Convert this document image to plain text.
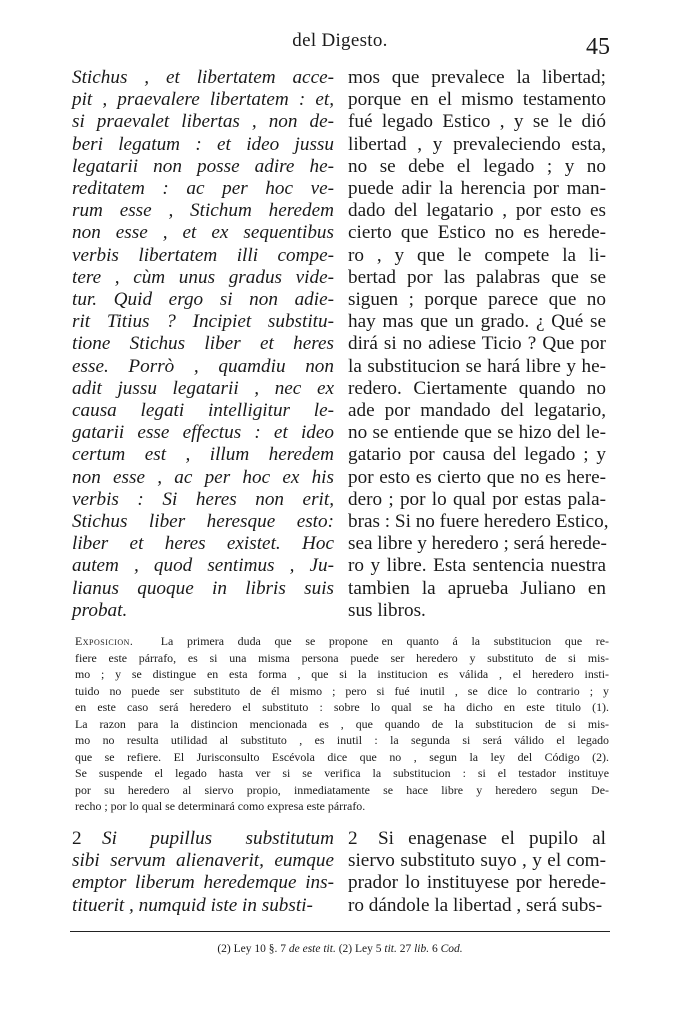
del Digesto.	45
Stichus , et libertatem acce-
pit , praevalere libertatem : et,
si praevalet libertas , non de-
beri legatum : et ideo jussu
legatarii non posse adire he-
reditatem : ac per hoc ve-
rum esse , Stichum heredem
non esse , et ex sequentibus
verbis libertatem illi compe-
tere , cùm unus gradus vide-
tur. Quid ergo si non adie-
rit Titius ? Incipiet substitu-
tione Stichus liber et heres
esse. Porrò , quamdiu non
adit jussu legatarii , nec ex
causa legati intelligitur le-
gatarii esse effectus : et ideo
certum est , illum heredem
non esse , ac per hoc ex his
verbis : Si heres non erit,
Stichus liber heresque esto:
liber et heres existet. Hoc
autem , quod sentimus , Ju-
lianus quoque in libris suis
probat.
mos que prevalece la libertad;
porque en el mismo testamento
fué legado Estico , y se le dió
libertad , y prevaleciendo esta,
no se debe el legado ; y no
puede adir la herencia por man-
dado del legatario , por esto es
cierto que Estico no es herede-
ro , y que le compete la li-
bertad por las palabras que se
siguen ; porque parece que no
hay mas que un grado. ¿ Qué se
dirá si no adiese Ticio ? Que por
la substitucion se hará libre y he-
redero. Ciertamente quando no
ade por mandado del legatario,
no se entiende que se hizo del le-
gatario por causa del legado ; y
por esto es cierto que no es here-
dero ; por lo qual por estas pala-
bras : Si no fuere heredero Estico,
sea libre y heredero ; será herede-
ro y libre. Esta sentencia nuestra
tambien la aprueba Juliano en
sus libros.
Exposicion. La primera duda que se propone en quanto á la substitucion que re-
fiere este párrafo, es si una misma persona puede ser heredero y substituto de si mis-
mo ; y se distingue en esta forma , que si la institucion es válida , el heredero insti-
tuido no puede ser substituto de él mismo ; pero si fué inutil , se dice lo contrario ; y
en este caso será heredero el substituto : sobre lo qual se ha dicho en este titulo (1).
La razon para la distincion mencionada es , que quando de la substitucion de si mis-
mo no resulta utilidad al substituto , es inutil : la segunda si será válido el legado
que se refiere. El Jurisconsulto Escévola dice que no , segun la ley del Código (2).
Se suspende el legado hasta ver si se verifica la substitucion : si el testador instituye
por su heredero al siervo propio, inmediatamente se hace libre y heredero segun De-
recho ; por lo qual se determinará como expresa este párrafo.
2 Si pupillus substitutum
sibi servum alienaverit, eumque
emptor liberum heredemque ins-
tituerit , numquid iste in substi-
2 Si enagenase el pupilo al
siervo substituto suyo , y el com-
prador lo instituyese por herede-
ro dándole la libertad , será subs-
(2) Ley 10 §. 7 de este tit. (2) Ley 5 tit. 27 lib. 6 Cod.
